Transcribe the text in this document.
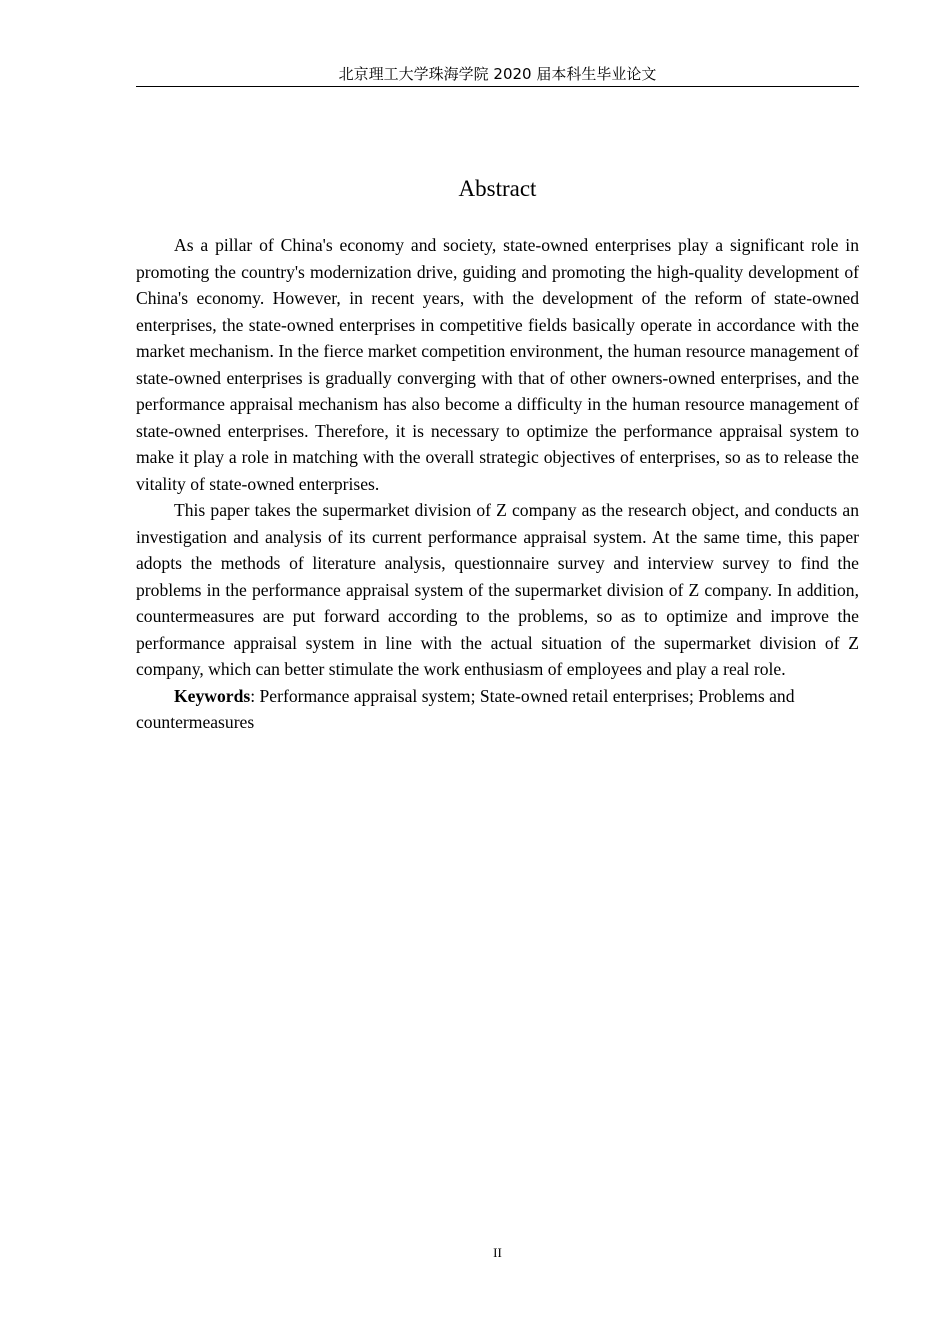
北京理工大学珠海学院 2020 届本科生毕业论文
Abstract

As a pillar of China's economy and society, state-owned enterprises play a significant role in promoting the country's modernization drive, guiding and promoting the high-quality development of China's economy. However, in recent years, with the development of the reform of state-owned enterprises, the state-owned enterprises in competitive fields basically operate in accordance with the market mechanism. In the fierce market competition environment, the human resource management of state-owned enterprises is gradually converging with that of other owners-owned enterprises, and the performance appraisal mechanism has also become a difficulty in the human resource management of state-owned enterprises. Therefore, it is necessary to optimize the performance appraisal system to make it play a role in matching with the overall strategic objectives of enterprises, so as to release the vitality of state-owned enterprises.

This paper takes the supermarket division of Z company as the research object, and conducts an investigation and analysis of its current performance appraisal system. At the same time, this paper adopts the methods of literature analysis, questionnaire survey and interview survey to find the problems in the performance appraisal system of the supermarket division of Z company. In addition, countermeasures are put forward according to the problems, so as to optimize and improve the performance appraisal system in line with the actual situation of the supermarket division of Z company, which can better stimulate the work enthusiasm of employees and play a real role.

Keywords: Performance appraisal system; State-owned retail enterprises; Problems and countermeasures

II
